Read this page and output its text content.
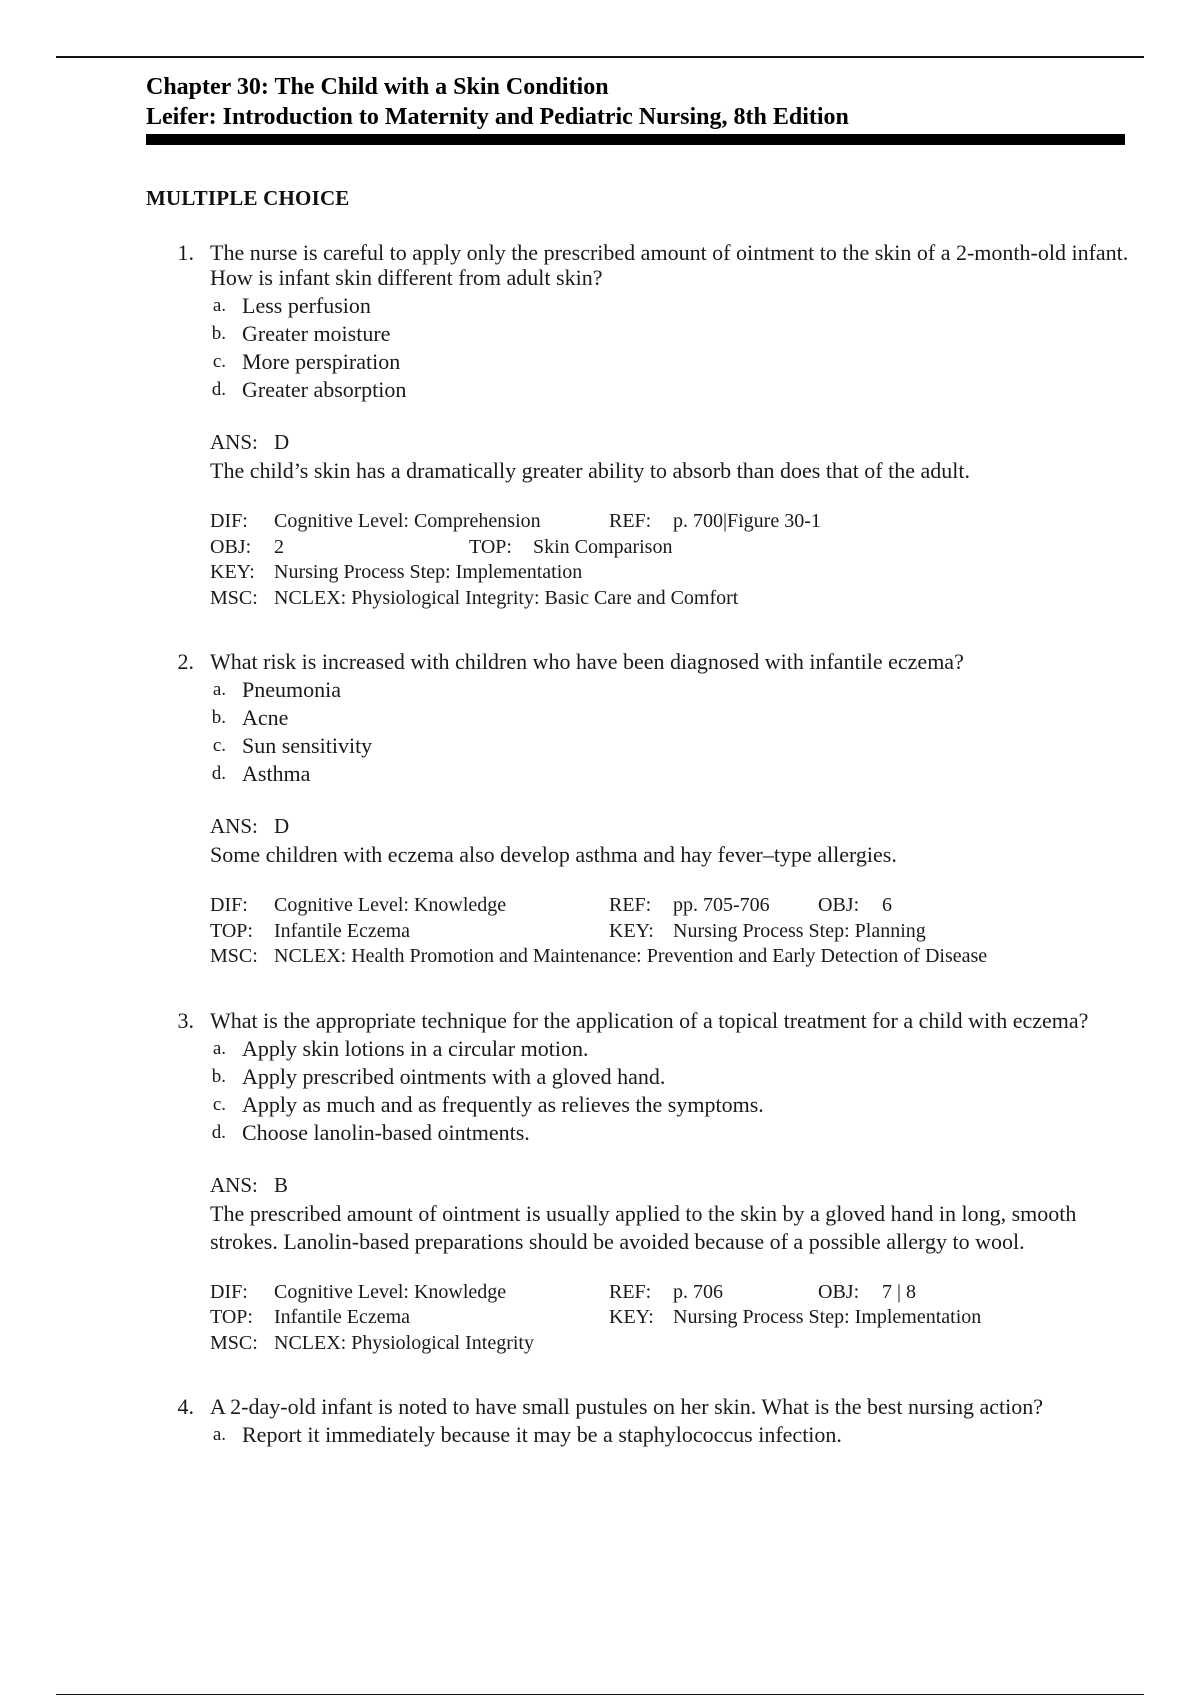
Chapter 30: The Child with a Skin Condition
Leifer: Introduction to Maternity and Pediatric Nursing, 8th Edition
MULTIPLE CHOICE
1. The nurse is careful to apply only the prescribed amount of ointment to the skin of a 2-month-old infant. How is infant skin different from adult skin?
a. Less perfusion
b. Greater moisture
c. More perspiration
d. Greater absorption
ANS: D
The child’s skin has a dramatically greater ability to absorb than does that of the adult.
DIF:	Cognitive Level: Comprehension	REF:	p. 700|Figure 30-1
OBJ:	2	TOP:	Skin Comparison
KEY: Nursing Process Step: Implementation
MSC: NCLEX: Physiological Integrity: Basic Care and Comfort
2. What risk is increased with children who have been diagnosed with infantile eczema?
a. Pneumonia
b. Acne
c. Sun sensitivity
d. Asthma
ANS: D
Some children with eczema also develop asthma and hay fever–type allergies.
DIF:	Cognitive Level: Knowledge	REF:	pp. 705-706	OBJ:	6
TOP:	Infantile Eczema	KEY: Nursing Process Step: Planning
MSC: NCLEX: Health Promotion and Maintenance: Prevention and Early Detection of Disease
3. What is the appropriate technique for the application of a topical treatment for a child with eczema?
a. Apply skin lotions in a circular motion.
b. Apply prescribed ointments with a gloved hand.
c. Apply as much and as frequently as relieves the symptoms.
d. Choose lanolin-based ointments.
ANS: B
The prescribed amount of ointment is usually applied to the skin by a gloved hand in long, smooth strokes. Lanolin-based preparations should be avoided because of a possible allergy to wool.
DIF:	Cognitive Level: Knowledge	REF:	p. 706	OBJ:	7 | 8
TOP:	Infantile Eczema	KEY: Nursing Process Step: Implementation
MSC: NCLEX: Physiological Integrity
4. A 2-day-old infant is noted to have small pustules on her skin. What is the best nursing action?
a. Report it immediately because it may be a staphylococcus infection.
